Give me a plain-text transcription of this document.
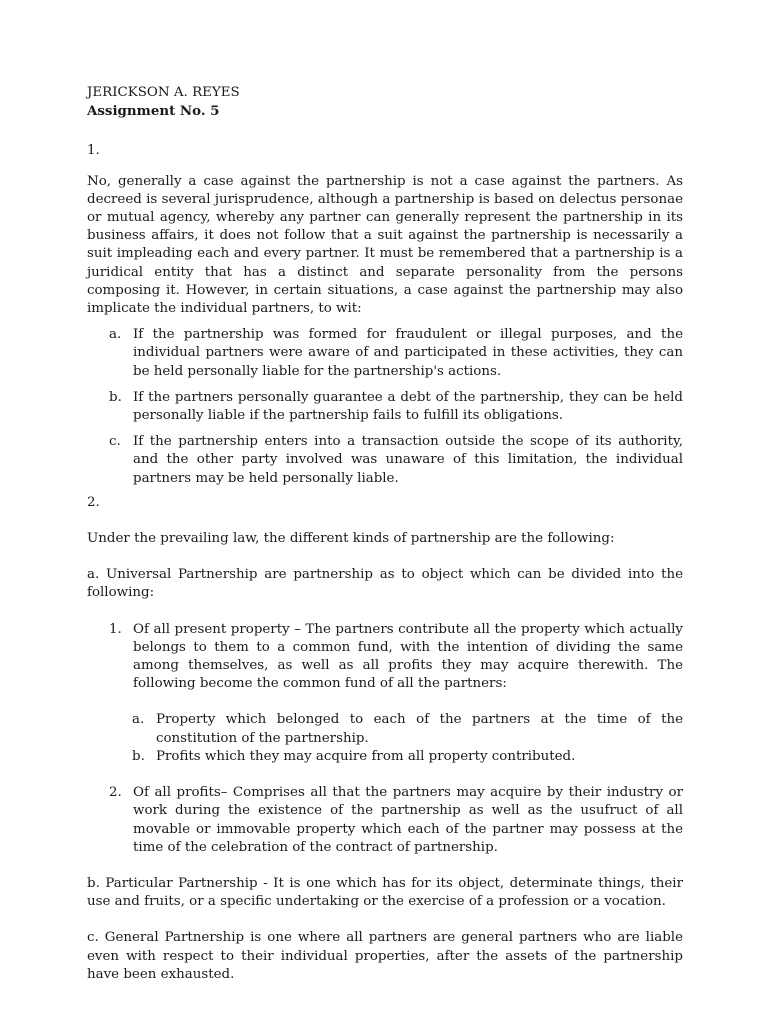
JERICKSON A. REYES

Assignment No. 5

1.

No, generally a case against the partnership is not a case against the partners. As decreed is several jurisprudence, although a partnership is based on delectus personae or mutual agency, whereby any partner can generally represent the partnership in its business affairs, it does not follow that a suit against the partnership is necessarily a suit impleading each and every partner. It must be remembered that a partnership is a juridical entity that has a distinct and separate personality from the persons composing it. However, in certain situations, a case against the partnership may also implicate the individual partners, to wit:

a. If the partnership was formed for fraudulent or illegal purposes, and the individual partners were aware of and participated in these activities, they can be held personally liable for the partnership's actions.
b. If the partners personally guarantee a debt of the partnership, they can be held personally liable if the partnership fails to fulfill its obligations.
c. If the partnership enters into a transaction outside the scope of its authority, and the other party involved was unaware of this limitation, the individual partners may be held personally liable.

2.

Under the prevailing law, the different kinds of partnership are the following:

a. Universal Partnership are partnership as to object which can be divided into the following:

1. Of all present property – The partners contribute all the property which actually belongs to them to a common fund, with the intention of dividing the same among themselves, as well as all profits they may acquire therewith. The following become the common fund of all the partners:
a. Property which belonged to each of the partners at the time of the constitution of the partnership.
b. Profits which they may acquire from all property contributed.
2. Of all profits– Comprises all that the partners may acquire by their industry or work during the existence of the partnership as well as the usufruct of all movable or immovable property which each of the partner may possess at the time of the celebration of the contract of partnership.

b. Particular Partnership - It is one which has for its object, determinate things, their use and fruits, or a specific undertaking or the exercise of a profession or a vocation.

c. General Partnership is one where all partners are general partners who are liable even with respect to their individual properties, after the assets of the partnership have been exhausted.
